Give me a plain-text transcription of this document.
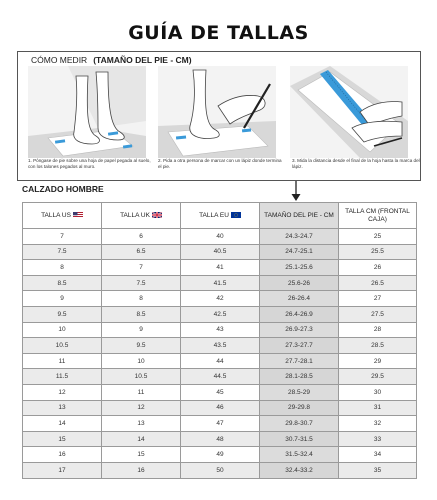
GUÍA DE TALLAS
CÓMO MEDIR (TAMAÑO DEL PIE - CM)
1. Póngase de pie sobre una hoja de papel pegada al suelo, con los talones pegados al muro.
2. Pida a otra persona de marcar con un lápiz donde termina el pie.
3. Mida la distancia desde el final de la hoja hasta la marca del lápiz.
CALZADO HOMBRE
TALLA US	TALLA UK	TALLA EU	TAMAÑO DEL PIE - CM	TALLA CM (FRONTAL CAJA)
7	6	40	24.3-24.7	25
7.5	6.5	40.5	24.7-25.1	25.5
8	7	41	25.1-25.6	26
8.5	7.5	41.5	25.6-26	26.5
9	8	42	26-26.4	27
9.5	8.5	42.5	26.4-26.9	27.5
10	9	43	26.9-27.3	28
10.5	9.5	43.5	27.3-27.7	28.5
11	10	44	27.7-28.1	29
11.5	10.5	44.5	28.1-28.5	29.5
12	11	45	28.5-29	30
13	12	46	29-29.8	31
14	13	47	29.8-30.7	32
15	14	48	30.7-31.5	33
16	15	49	31.5-32.4	34
17	16	50	32.4-33.2	35
